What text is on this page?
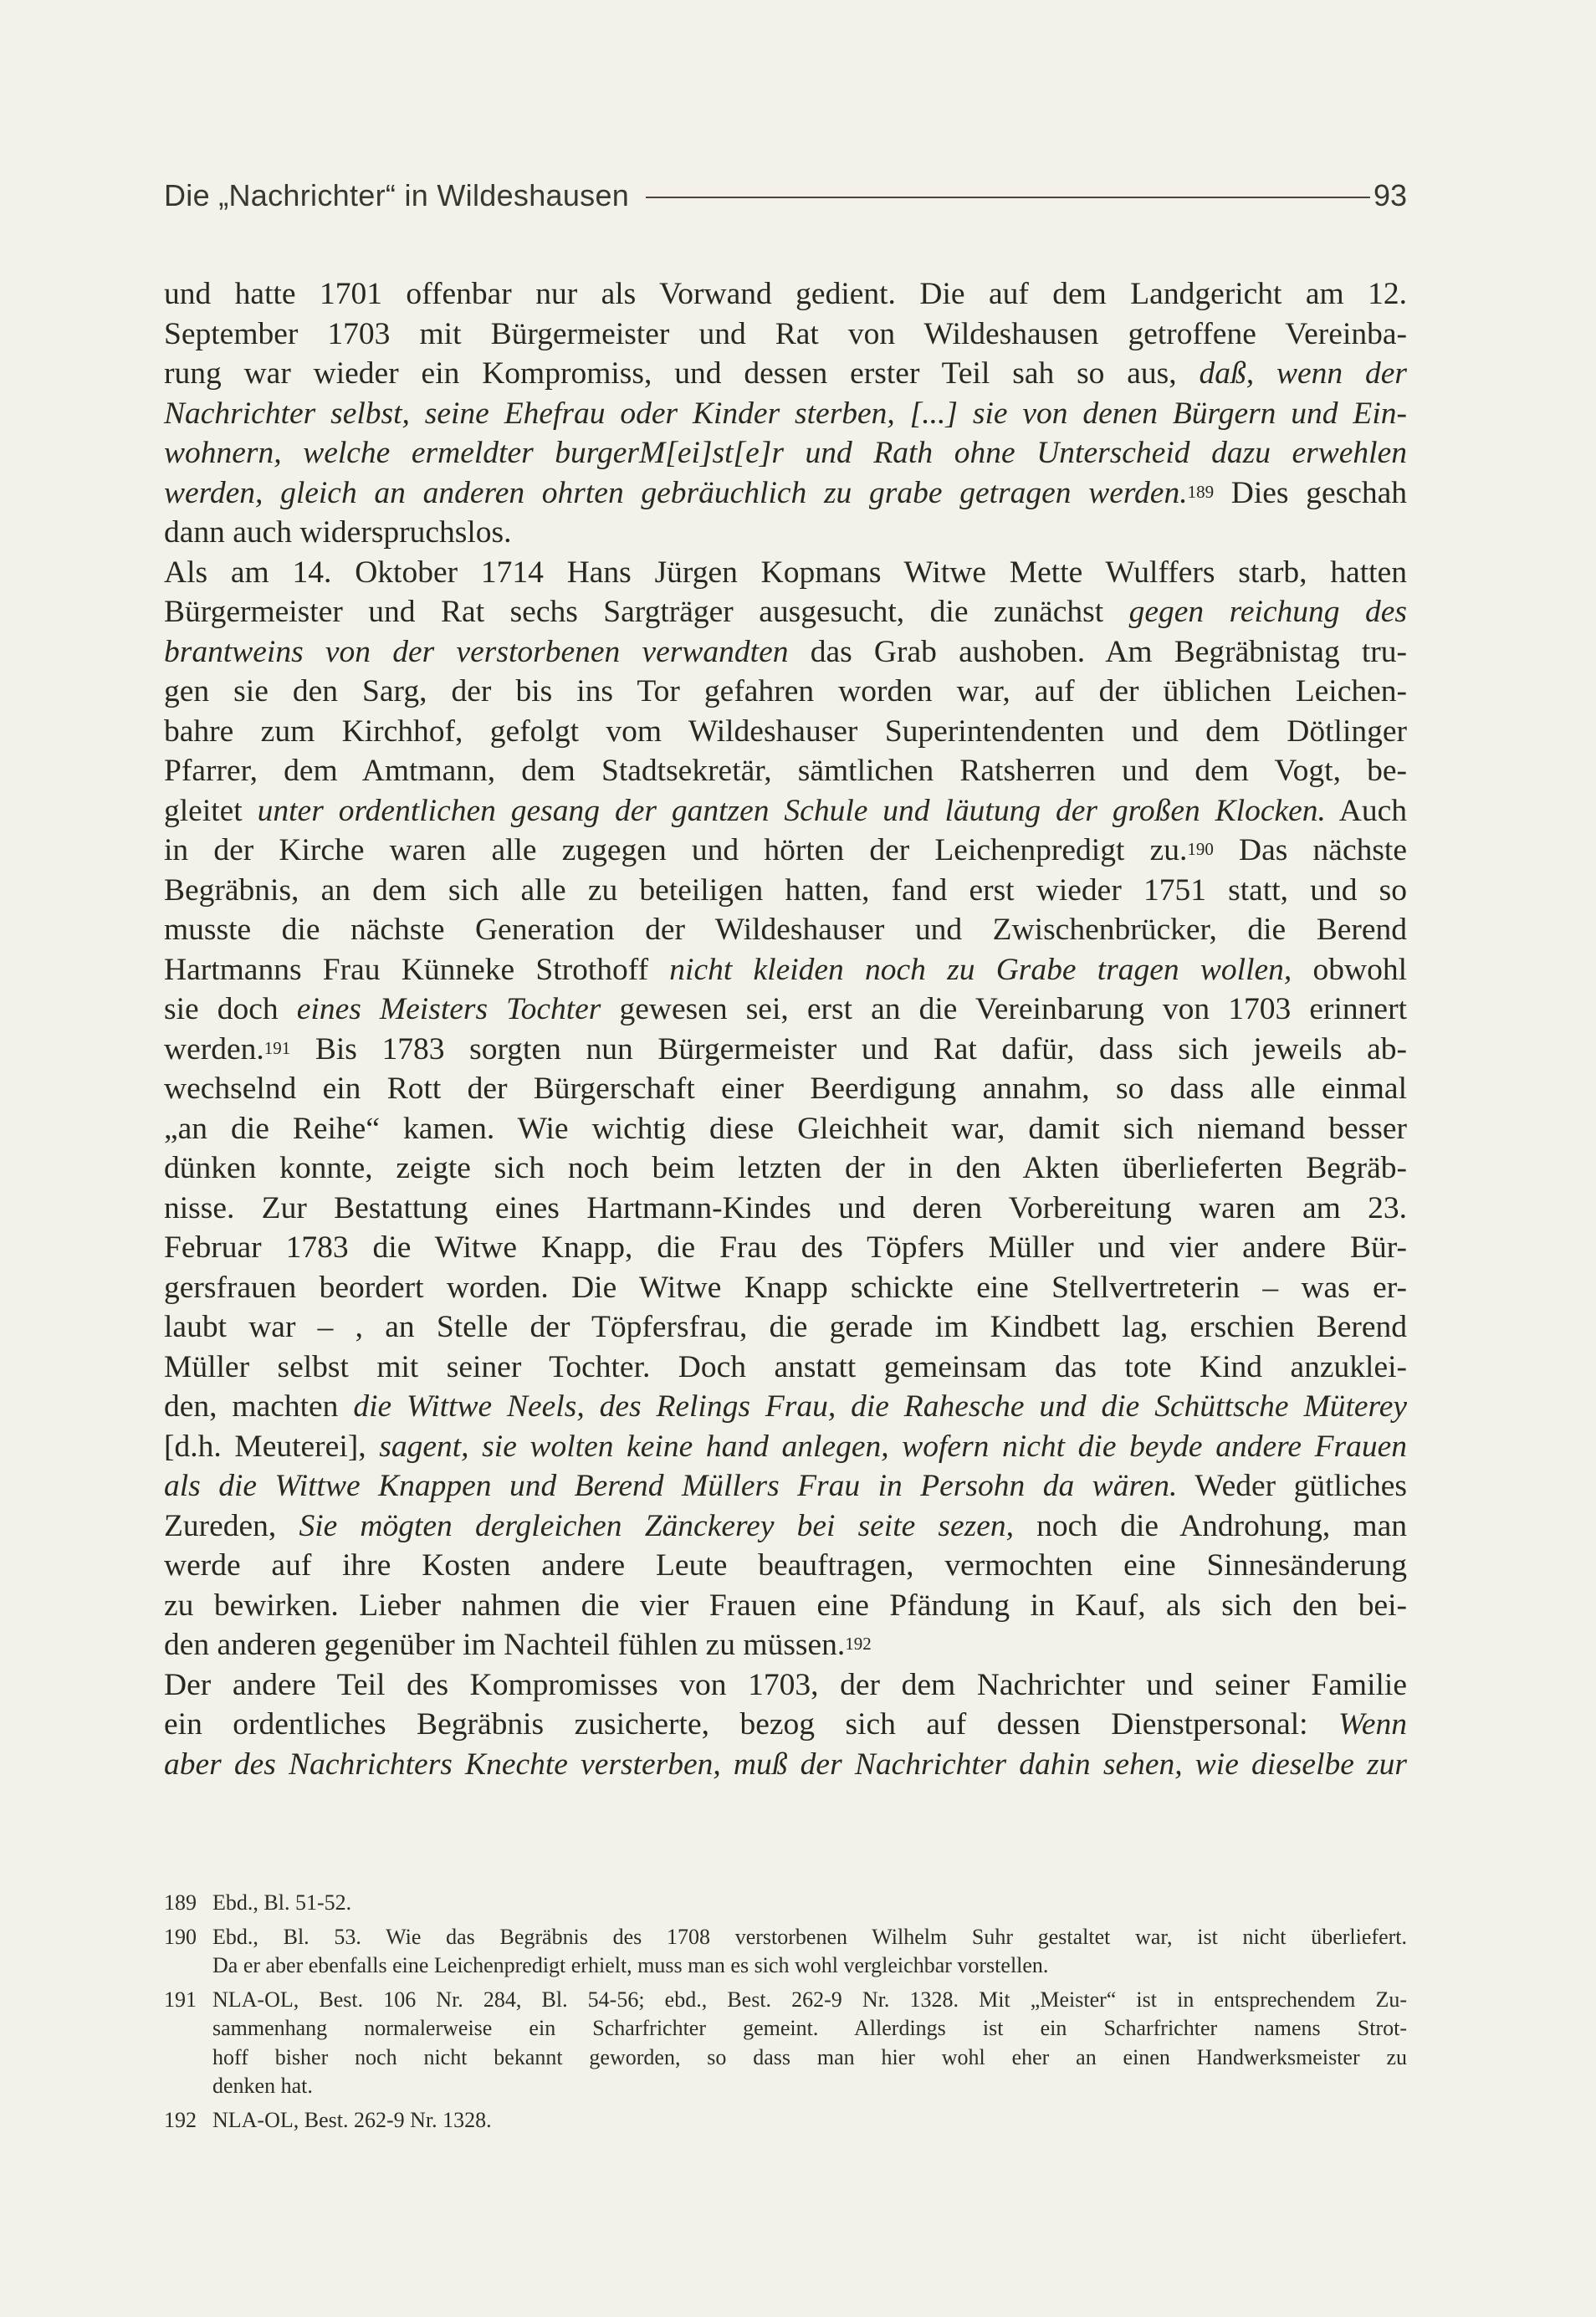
Die „Nachrichter“ in Wildeshausen	93
und hatte 1701 offenbar nur als Vorwand gedient. Die auf dem Landgericht am 12.
September 1703 mit Bürgermeister und Rat von Wildeshausen getroffene Vereinba-
rung war wieder ein Kompromiss, und dessen erster Teil sah so aus, daß, wenn der
Nachrichter selbst, seine Ehefrau oder Kinder sterben, [...] sie von denen Bürgern und Ein-
wohnern, welche ermeldter burgerM[ei]st[e]r und Rath ohne Unterscheid dazu erwehlen
werden, gleich an anderen ohrten gebräuchlich zu grabe getragen werden.$^{189}$ Dies geschah
dann auch widerspruchslos.
Als am 14. Oktober 1714 Hans Jürgen Kopmans Witwe Mette Wulffers starb, hatten
Bürgermeister und Rat sechs Sargträger ausgesucht, die zunächst gegen reichung des
brantweins von der verstorbenen verwandten das Grab aushoben. Am Begräbnistag tru-
gen sie den Sarg, der bis ins Tor gefahren worden war, auf der üblichen Leichen-
bahre zum Kirchhof, gefolgt vom Wildeshauser Superintendenten und dem Dötlinger
Pfarrer, dem Amtmann, dem Stadtsekretär, sämtlichen Ratsherren und dem Vogt, be-
gleitet unter ordentlichen gesang der gantzen Schule und läutung der großen Klocken. Auch
in der Kirche waren alle zugegen und hörten der Leichenpredigt zu.$^{190}$ Das nächste
Begräbnis, an dem sich alle zu beteiligen hatten, fand erst wieder 1751 statt, und so
musste die nächste Generation der Wildeshauser und Zwischenbrücker, die Berend
Hartmanns Frau Künneke Strothoff nicht kleiden noch zu Grabe tragen wollen, obwohl
sie doch eines Meisters Tochter gewesen sei, erst an die Vereinbarung von 1703 erinnert
werden.$^{191}$ Bis 1783 sorgten nun Bürgermeister und Rat dafür, dass sich jeweils ab-
wechselnd ein Rott der Bürgerschaft einer Beerdigung annahm, so dass alle einmal
„an die Reihe“ kamen. Wie wichtig diese Gleichheit war, damit sich niemand besser
dünken konnte, zeigte sich noch beim letzten der in den Akten überlieferten Begräb-
nisse. Zur Bestattung eines Hartmann-Kindes und deren Vorbereitung waren am 23.
Februar 1783 die Witwe Knapp, die Frau des Töpfers Müller und vier andere Bür-
gersfrauen beordert worden. Die Witwe Knapp schickte eine Stellvertreterin – was er-
laubt war – , an Stelle der Töpfersfrau, die gerade im Kindbett lag, erschien Berend
Müller selbst mit seiner Tochter. Doch anstatt gemeinsam das tote Kind anzuklei-
den, machten die Wittwe Neels, des Relings Frau, die Rahesche und die Schüttsche Müterey
[d.h. Meuterei], sagent, sie wolten keine hand anlegen, wofern nicht die beyde andere Frauen
als die Wittwe Knappen und Berend Müllers Frau in Persohn da wären. Weder gütliches
Zureden, Sie mögten dergleichen Zänckerey bei seite sezen, noch die Androhung, man
werde auf ihre Kosten andere Leute beauftragen, vermochten eine Sinnesänderung
zu bewirken. Lieber nahmen die vier Frauen eine Pfändung in Kauf, als sich den bei-
den anderen gegenüber im Nachteil fühlen zu müssen.$^{192}$
Der andere Teil des Kompromisses von 1703, der dem Nachrichter und seiner Familie
ein ordentliches Begräbnis zusicherte, bezog sich auf dessen Dienstpersonal: Wenn
aber des Nachrichters Knechte versterben, muß der Nachrichter dahin sehen, wie dieselbe zur
189 Ebd., Bl. 51-52.
190 Ebd., Bl. 53. Wie das Begräbnis des 1708 verstorbenen Wilhelm Suhr gestaltet war, ist nicht überliefert.
Da er aber ebenfalls eine Leichenpredigt erhielt, muss man es sich wohl vergleichbar vorstellen.
191 NLA-OL, Best. 106 Nr. 284, Bl. 54-56; ebd., Best. 262-9 Nr. 1328. Mit „Meister“ ist in entsprechendem Zu-
sammenhang normalerweise ein Scharfrichter gemeint. Allerdings ist ein Scharfrichter namens Strot-
hoff bisher noch nicht bekannt geworden, so dass man hier wohl eher an einen Handwerksmeister zu
denken hat.
192 NLA-OL, Best. 262-9 Nr. 1328.
